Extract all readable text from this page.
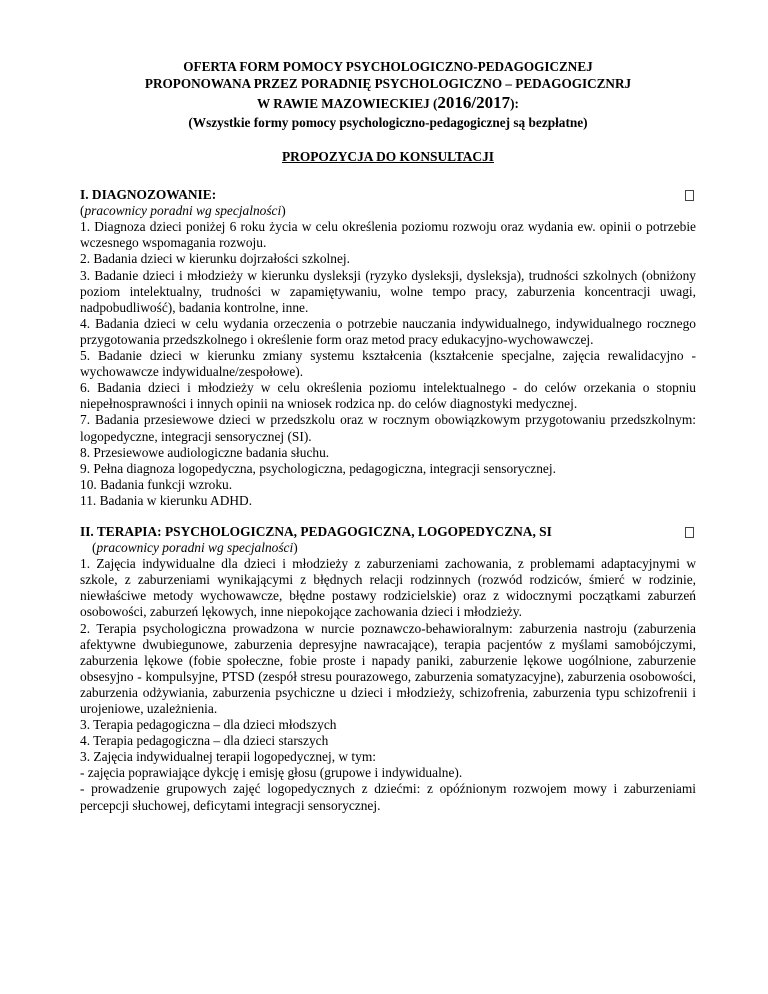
OFERTA FORM POMOCY PSYCHOLOGICZNO-PEDAGOGICZNEJ
PROPONOWANA PRZEZ PORADNIĘ PSYCHOLOGICZNO – PEDAGOGICZNRJ
W RAWIE MAZOWIECKIEJ (2016/2017):
(Wszystkie formy pomocy psychologiczno-pedagogicznej są bezpłatne)
PROPOZYCJA DO KONSULTACJI
I. DIAGNOZOWANIE:

(pracownicy poradni wg specjalności)

1. Diagnoza dzieci poniżej 6 roku życia w celu określenia poziomu rozwoju oraz wydania ew. opinii o potrzebie wczesnego wspomagania rozwoju.

2. Badania dzieci w kierunku dojrzałości szkolnej.

3. Badanie dzieci i młodzieży w kierunku dysleksji (ryzyko dysleksji, dysleksja), trudności szkolnych (obniżony poziom intelektualny, trudności w zapamiętywaniu, wolne tempo pracy, zaburzenia koncentracji uwagi, nadpobudliwość), badania kontrolne, inne.

4. Badania dzieci w celu wydania orzeczenia o potrzebie nauczania indywidualnego, indywidualnego rocznego przygotowania przedszkolnego i określenie form oraz metod pracy edukacyjno-wychowawczej.

5. Badanie dzieci w kierunku zmiany systemu kształcenia (kształcenie specjalne, zajęcia rewalidacyjno -wychowawcze indywidualne/zespołowe).

6. Badania dzieci i młodzieży w celu określenia poziomu intelektualnego - do celów orzekania o stopniu niepełnosprawności i innych opinii na wniosek rodzica np. do celów diagnostyki medycznej.

7. Badania przesiewowe dzieci w przedszkolu oraz w rocznym obowiązkowym przygotowaniu przedszkolnym: logopedyczne, integracji sensorycznej (SI).

8. Przesiewowe audiologiczne badania słuchu.

9. Pełna diagnoza logopedyczna, psychologiczna, pedagogiczna, integracji sensorycznej.

10. Badania funkcji wzroku.

11. Badania w kierunku ADHD.

II. TERAPIA: PSYCHOLOGICZNA, PEDAGOGICZNA, LOGOPEDYCZNA, SI

(pracownicy poradni wg specjalności)

1. Zajęcia indywidualne dla dzieci i młodzieży z zaburzeniami zachowania, z problemami adaptacyjnymi w szkole, z zaburzeniami wynikającymi z błędnych relacji rodzinnych (rozwód rodziców, śmierć w rodzinie, niewłaściwe metody wychowawcze, błędne postawy rodzicielskie) oraz z widocznymi początkami zaburzeń osobowości, zaburzeń lękowych, inne niepokojące zachowania dzieci i młodzieży.

2. Terapia psychologiczna prowadzona w nurcie poznawczo-behawioralnym: zaburzenia nastroju (zaburzenia afektywne dwubiegunowe, zaburzenia depresyjne nawracające), terapia pacjentów z myślami samobójczymi, zaburzenia lękowe (fobie społeczne, fobie proste i napady paniki, zaburzenie lękowe uogólnione, zaburzenie obsesyjno - kompulsyjne, PTSD (zespół stresu pourazowego, zaburzenia somatyzacyjne), zaburzenia osobowości, zaburzenia odżywiania, zaburzenia psychiczne u dzieci i młodzieży, schizofrenia, zaburzenia typu schizofrenii i urojeniowe, uzależnienia.

3. Terapia pedagogiczna – dla dzieci młodszych

4. Terapia pedagogiczna – dla dzieci starszych

3. Zajęcia indywidualnej terapii logopedycznej, w tym:

- zajęcia poprawiające dykcję i emisję głosu (grupowe i indywidualne).

- prowadzenie grupowych zajęć logopedycznych z dziećmi: z opóźnionym rozwojem mowy i zaburzeniami percepcji słuchowej, deficytami integracji sensorycznej.
